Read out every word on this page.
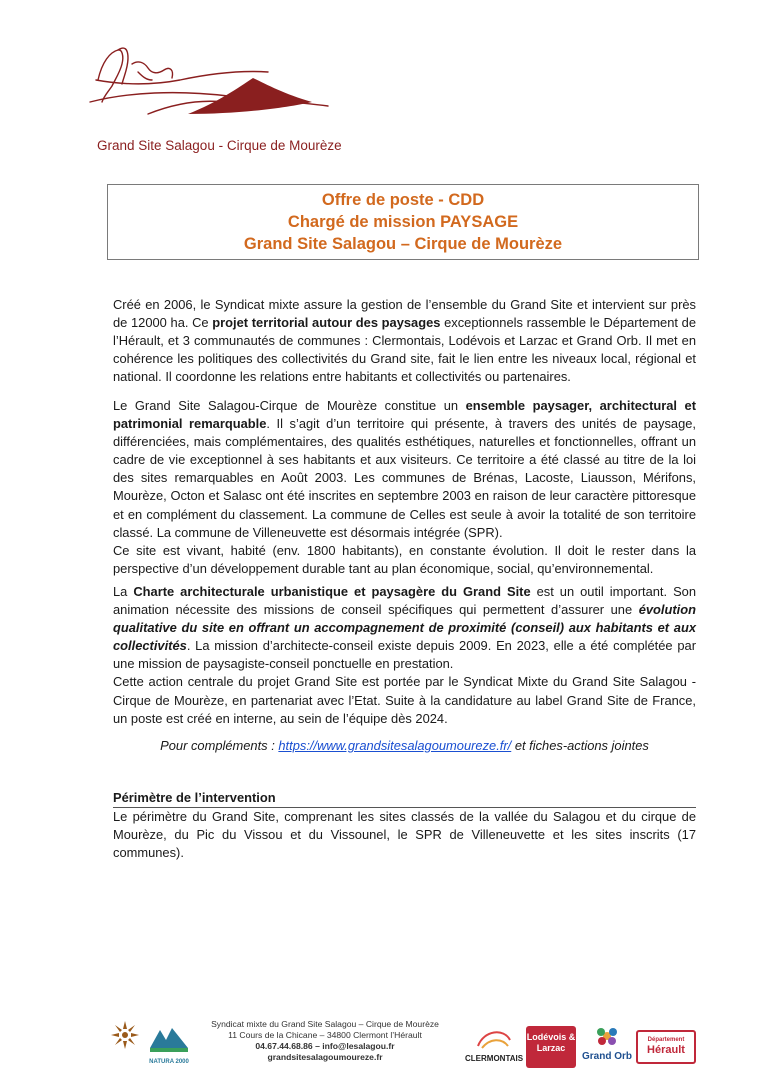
Grand Site Salagou - Cirque de Mourèze
Offre de poste - CDD
Chargé de mission PAYSAGE
Grand Site Salagou – Cirque de Mourèze
Créé en 2006, le Syndicat mixte assure la gestion de l’ensemble du Grand Site et intervient sur près de 12000 ha. Ce projet territorial autour des paysages exceptionnels rassemble le Département de l’Hérault, et 3 communautés de communes : Clermontais, Lodévois et Larzac et Grand Orb. Il met en cohérence les politiques des collectivités du Grand site, fait le lien entre les niveaux local, régional et national. Il coordonne les relations entre habitants et collectivités ou partenaires.
Le Grand Site Salagou-Cirque de Mourèze constitue un ensemble paysager, architectural et patrimonial remarquable. Il s’agit d’un territoire qui présente, à travers des unités de paysage, différenciées, mais complémentaires, des qualités esthétiques, naturelles et fonctionnelles, offrant un cadre de vie exceptionnel à ses habitants et aux visiteurs. Ce territoire a été classé au titre de la loi des sites remarquables en Août 2003. Les communes de Brénas, Lacoste, Liausson, Mérifons, Mourèze, Octon et Salasc ont été inscrites en septembre 2003 en raison de leur caractère pittoresque et en complément du classement. La commune de Celles est seule à avoir la totalité de son territoire classé. La commune de Villeneuvette est désormais intégrée (SPR).
Ce site est vivant, habité (env. 1800 habitants), en constante évolution. Il doit le rester dans la perspective d’un développement durable tant au plan économique, social, qu’environnemental.
La Charte architecturale urbanistique et paysagère du Grand Site est un outil important. Son animation nécessite des missions de conseil spécifiques qui permettent d’assurer une évolution qualitative du site en offrant un accompagnement de proximité (conseil) aux habitants et aux collectivités. La mission d’architecte-conseil existe depuis 2009. En 2023, elle a été complétée par une mission de paysagiste-conseil ponctuelle en prestation.
Cette action centrale du projet Grand Site est portée par le Syndicat Mixte du Grand Site Salagou - Cirque de Mourèze, en partenariat avec l’Etat. Suite à la candidature au label Grand Site de France, un poste est créé en interne, au sein de l’équipe dès 2024.
Pour compléments : https://www.grandsitesalagoumoureze.fr/ et fiches-actions jointes
Périmètre de l’intervention
Le périmètre du Grand Site, comprenant les sites classés de la vallée du Salagou et du cirque de Mourèze, du Pic du Vissou et du Vissounel, le SPR de Villeneuvette et les sites inscrits (17 communes).
NATURA 2000
Syndicat mixte du Grand Site Salagou – Cirque de Mourèze
11 Cours de la Chicane – 34800 Clermont l’Hérault
04.67.44.68.86 – info@lesalagou.fr
grandsitesalagoumoureze.fr	CLERMONTAIS
Lodévois & Larzac
Grand Orb
Département
Hérault
